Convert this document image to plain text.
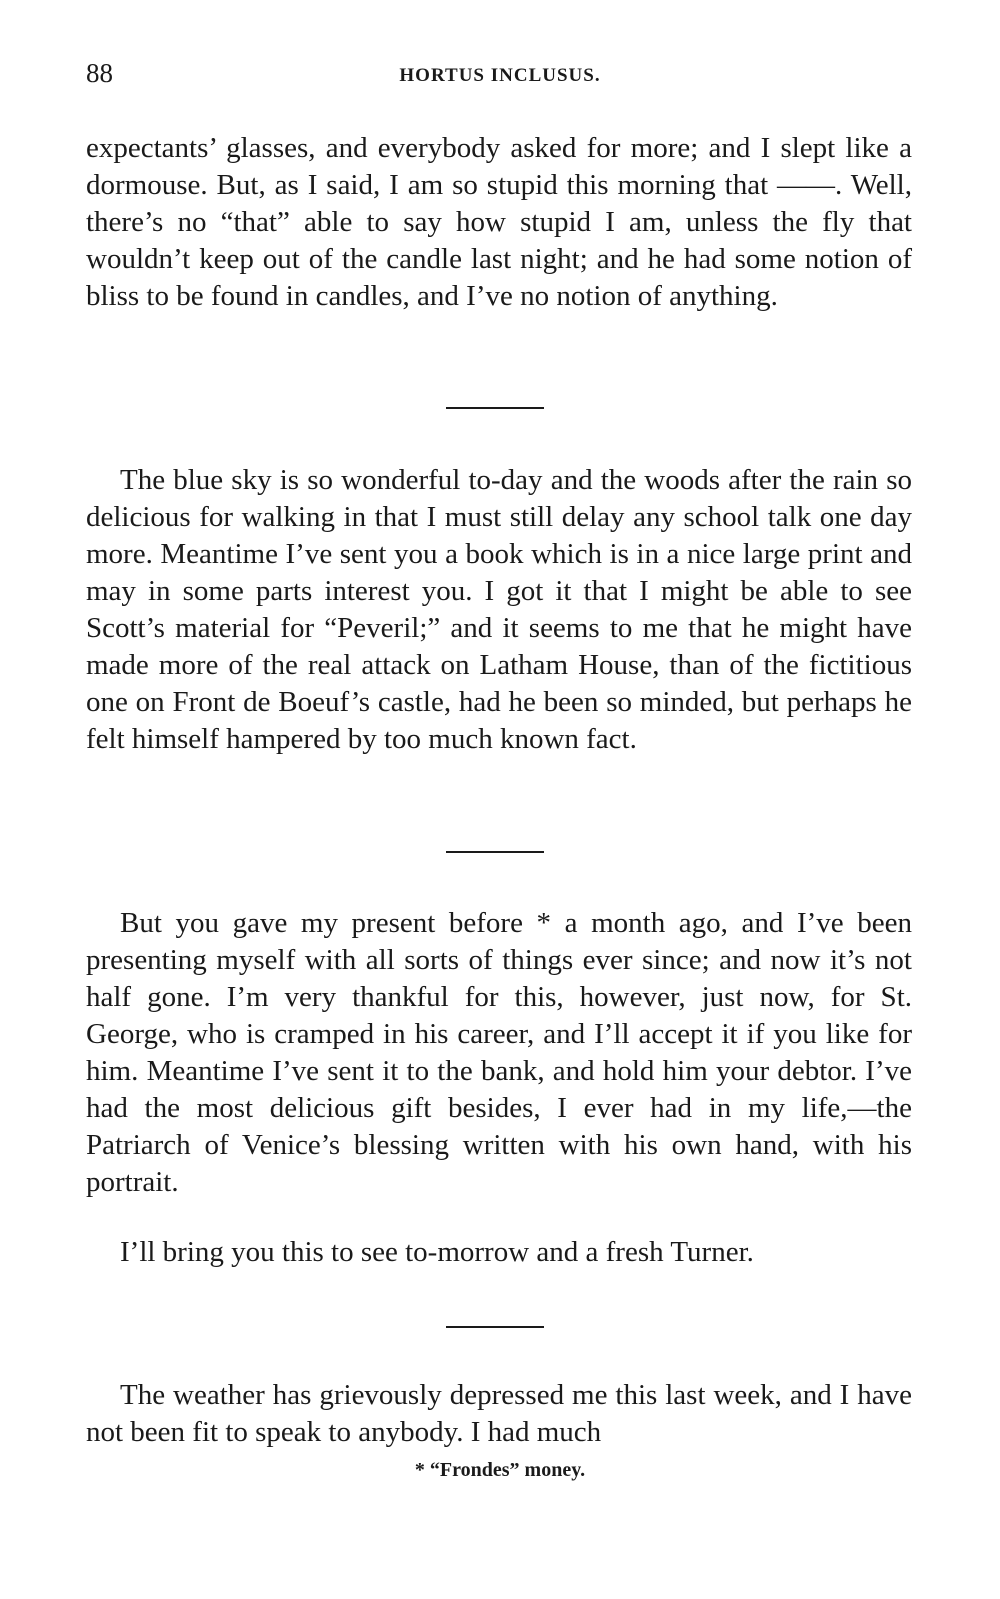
88	HORTUS INCLUSUS.

expectants’ glasses, and everybody asked for more; and I slept like a dormouse. But, as I said, I am so stupid this morning that ——. Well, there’s no “that” able to say how stupid I am, unless the fly that wouldn’t keep out of the candle last night; and he had some notion of bliss to be found in candles, and I’ve no notion of anything.

The blue sky is so wonderful to-day and the woods after the rain so delicious for walking in that I must still delay any school talk one day more. Meantime I’ve sent you a book which is in a nice large print and may in some parts interest you. I got it that I might be able to see Scott’s material for “Peveril;” and it seems to me that he might have made more of the real attack on Latham House, than of the fictitious one on Front de Boeuf’s castle, had he been so minded, but perhaps he felt himself hampered by too much known fact.

But you gave my present before * a month ago, and I’ve been presenting myself with all sorts of things ever since; and now it’s not half gone. I’m very thankful for this, however, just now, for St. George, who is cramped in his career, and I’ll accept it if you like for him. Meantime I’ve sent it to the bank, and hold him your debtor. I’ve had the most delicious gift besides, I ever had in my life,—the Patriarch of Venice’s blessing written with his own hand, with his portrait.

I’ll bring you this to see to-morrow and a fresh Turner.

The weather has grievously depressed me this last week, and I have not been fit to speak to anybody. I had much

* “Frondes” money.
